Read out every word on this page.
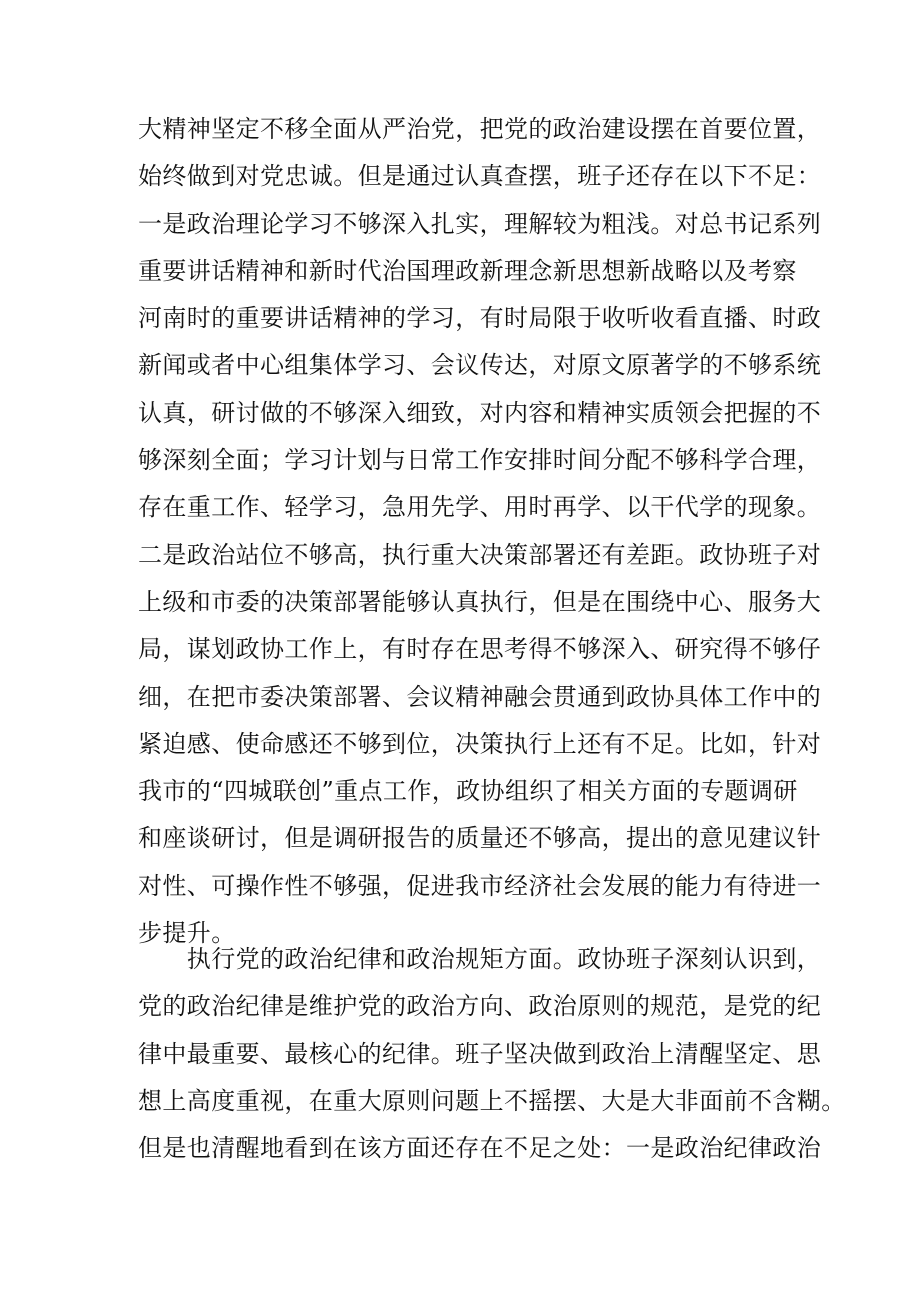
大精神坚定不移全面从严治党，把党的政治建设摆在首要位置，
始终做到对党忠诚。但是通过认真查摆，班子还存在以下不足：
一是政治理论学习不够深入扎实，理解较为粗浅。对总书记系列
重要讲话精神和新时代治国理政新理念新思想新战略以及考察
河南时的重要讲话精神的学习，有时局限于收听收看直播、时政
新闻或者中心组集体学习、会议传达，对原文原著学的不够系统
认真，研讨做的不够深入细致，对内容和精神实质领会把握的不
够深刻全面；学习计划与日常工作安排时间分配不够科学合理，
存在重工作、轻学习，急用先学、用时再学、以干代学的现象。
二是政治站位不够高，执行重大决策部署还有差距。政协班子对
上级和市委的决策部署能够认真执行，但是在围绕中心、服务大
局，谋划政协工作上，有时存在思考得不够深入、研究得不够仔
细，在把市委决策部署、会议精神融会贯通到政协具体工作中的
紧迫感、使命感还不够到位，决策执行上还有不足。比如，针对
我市的“四城联创”重点工作，政协组织了相关方面的专题调研
和座谈研讨，但是调研报告的质量还不够高，提出的意见建议针
对性、可操作性不够强，促进我市经济社会发展的能力有待进一
步提升。
　　执行党的政治纪律和政治规矩方面。政协班子深刻认识到，
党的政治纪律是维护党的政治方向、政治原则的规范，是党的纪
律中最重要、最核心的纪律。班子坚决做到政治上清醒坚定、思
想上高度重视，在重大原则问题上不摇摆、大是大非面前不含糊。
但是也清醒地看到在该方面还存在不足之处：一是政治纪律政治
